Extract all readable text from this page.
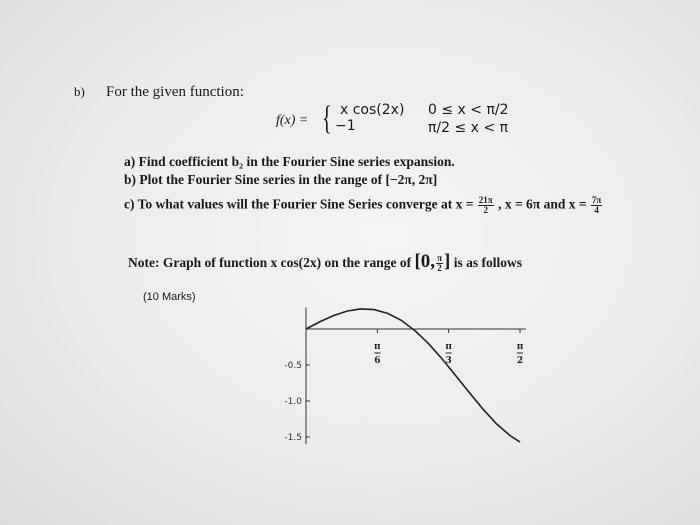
b) For the given function:
f(x) = { x cos(2x)
−1
0 ≤ x < π/2
π/2 ≤ x < π
a) Find coefficient b₂ in the Fourier Sine series expansion.
b) Plot the Fourier Sine series in the range of [−2π, 2π]
c) To what values will the Fourier Sine Series converge at $x = \frac{21\pi}{2}$ , x = 6π and $x = \frac{7\pi}{4}$
Note: Graph of function x cos(2x) on the range of [0, $\frac{\pi}{2}$ ] is as follows
(10 Marks)
-0.5
-1.0
-1.5
π
6
π
3
π
2
